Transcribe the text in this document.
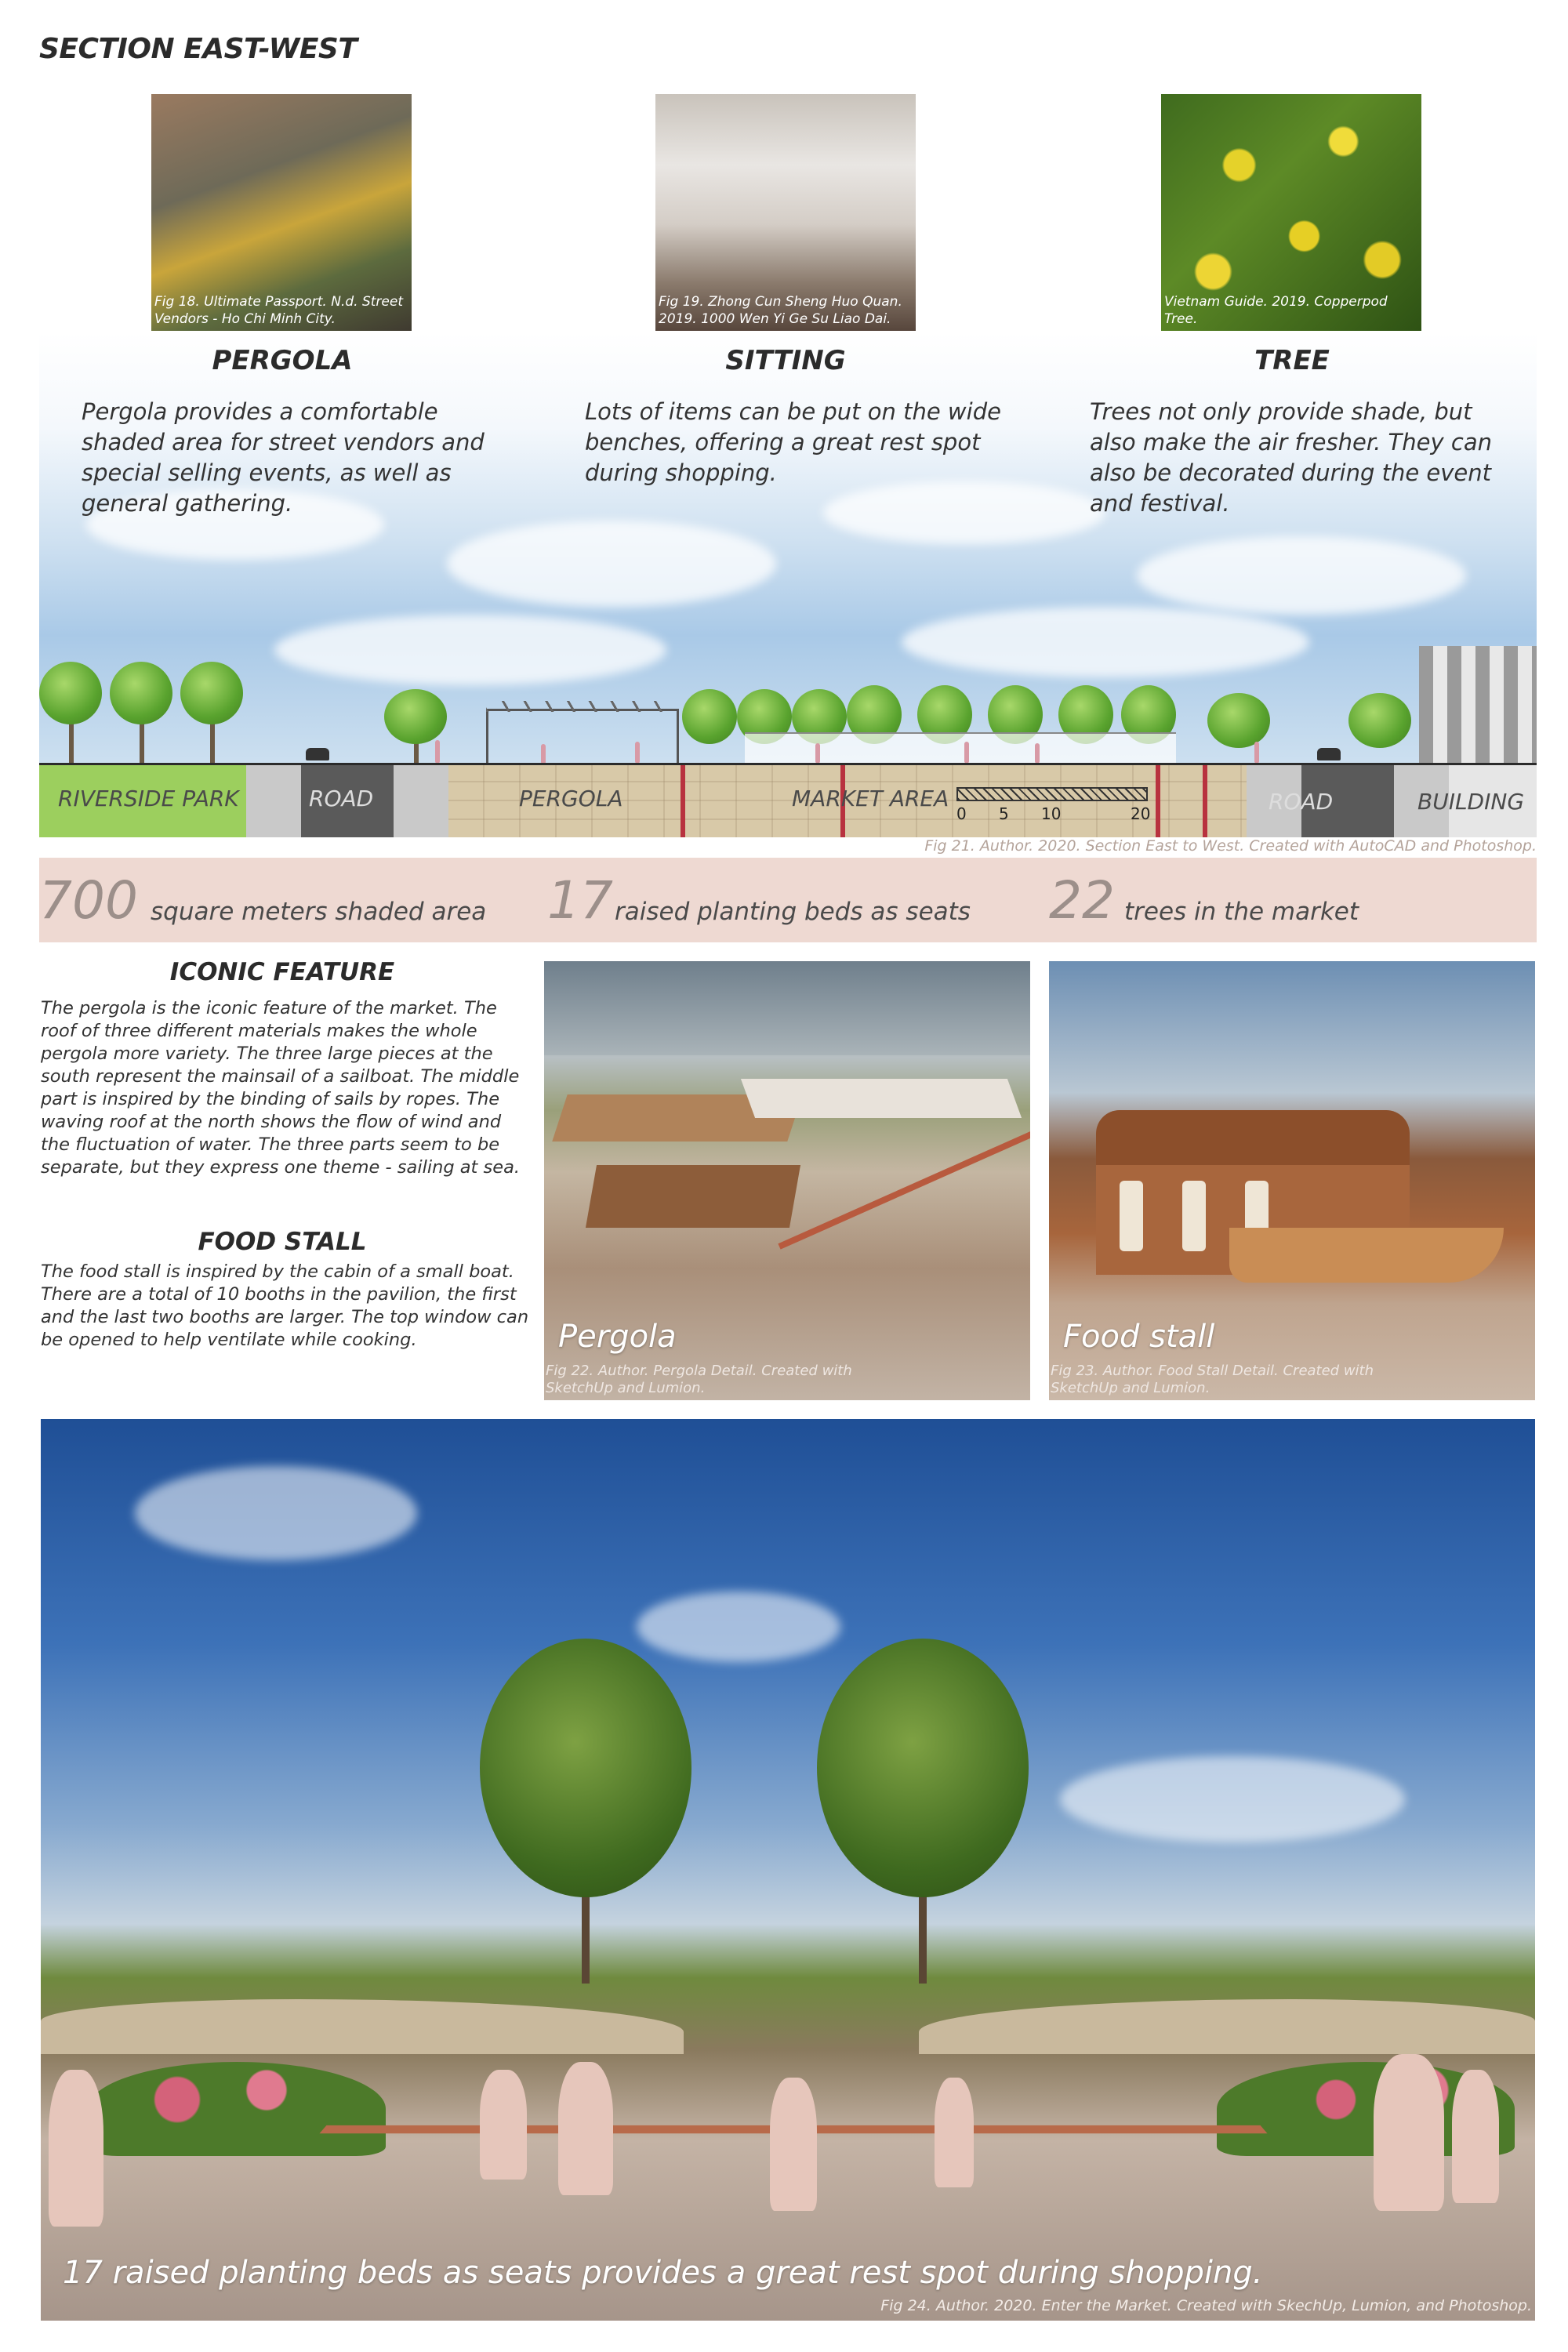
SECTION EAST-WEST
Fig 18. Ultimate Passport. N.d. Street Vendors - Ho Chi Minh City.
Fig 19. Zhong Cun Sheng Huo Quan. 2019. 1000 Wen Yi Ge Su Liao Dai.
Vietnam Guide. 2019. Copperpod Tree.
PERGOLA
Pergola provides a comfortable shaded area for street vendors and special selling events, as well as general gathering.
SITTING
Lots of items can be put on the wide benches, offering a great rest spot during shopping.
TREE
Trees not only provide shade, but also make the air fresher. They can also be decorated during the event and festival.
RIVERSIDE PARK	ROAD	PERGOLA	MARKET AREA	ROAD	BUILDING
0 5 10	20
Fig 21. Author. 2020. Section East to West. Created with AutoCAD and Photoshop.
700 square meters shaded area 17 raised planting beds as seats 22 trees in the market
ICONIC FEATURE
The pergola is the iconic feature of the market. The roof of three different materials makes the whole pergola more variety. The three large pieces at the south represent the mainsail of a sailboat. The middle part is inspired by the binding of sails by ropes. The waving roof at the north shows the flow of wind and the fluctuation of water. The three parts seem to be separate, but they express one theme - sailing at sea.
FOOD STALL
The food stall is inspired by the cabin of a small boat. There are a total of 10 booths in the pavilion, the first and the last two booths are larger. The top window can be opened to help ventilate while cooking.	Pergola
Fig 22. Author. Pergola Detail. Created with SketchUp and Lumion.
Food stall
Fig 23. Author. Food Stall Detail. Created with SketchUp and Lumion.
17 raised planting beds as seats provides a great rest spot during shopping.
Fig 24. Author. 2020. Enter the Market. Created with SkechUp, Lumion, and Photoshop.
